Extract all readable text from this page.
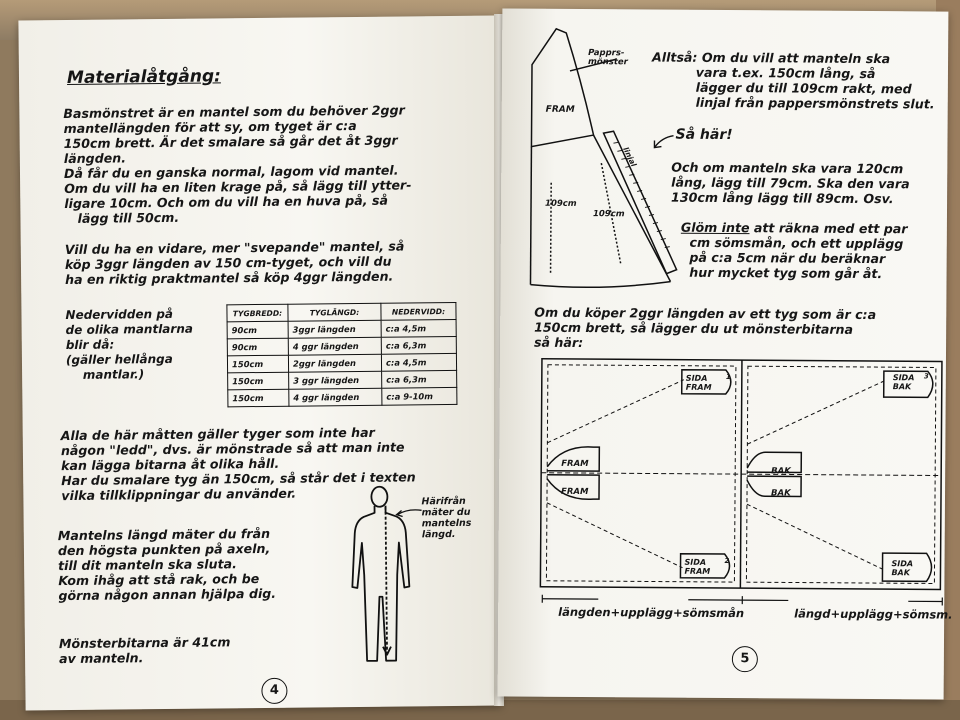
Materialåtgång:
Basmönstret är en mantel som du behöver 2ggr
mantellängden för att sy, om tyget är c:a
150cm brett. Är det smalare så går det åt 3ggr
längden.
Då får du en ganska normal, lagom vid mantel.
Om du vill ha en liten krage på, så lägg till ytter-
ligare 10cm. Och om du vill ha en huva på, så
lägg till 50cm.
Vill du ha en vidare, mer "svepande" mantel, så
köp 3ggr längden av 150 cm-tyget, och vill du
ha en riktig praktmantel så köp 4ggr längden.
Nedervidden på
de olika mantlarna
blir då:
(gäller hellånga
mantlar.)
TYGBREDD:	TYGLÄNGD:	NEDERVIDD:
90cm	3ggr längden	c:a 4,5m
90cm	4 ggr längden	c:a 6,3m
150cm	2ggr längden	c:a 4,5m
150cm	3 ggr längden	c:a 6,3m
150cm	4 ggr längden	c:a 9-10m
Alla de här måtten gäller tyger som inte har
någon "ledd", dvs. är mönstrade så att man inte
kan lägga bitarna åt olika håll.
Har du smalare tyg än 150cm, så står det i texten
vilka tillklippningar du använder.
Mantelns längd mäter du från
den högsta punkten på axeln,
till dit manteln ska sluta.
Kom ihåg att stå rak, och be
görna någon annan hjälpa dig.
Mönsterbitarna är 41cm
av manteln.
Härifrån
mäter du
mantelns
längd.
4
Papprs-
mönster
FRAM
109cm
109cm
linjal
Alltså: Om du vill att manteln ska
vara t.ex. 150cm lång, så
lägger du till 109cm rakt, med
linjal från pappersmönstrets slut.
Så här!
Och om manteln ska vara 120cm
lång, lägg till 79cm. Ska den vara
130cm lång lägg till 89cm. Osv.
Glöm inte att räkna med ett par
cm sömsmån, och ett upplägg
på c:a 5cm när du beräknar
hur mycket tyg som går åt.
Om du köper 2ggr längden av ett tyg som är c:a
150cm brett, så lägger du ut mönsterbitarna
så här:
SIDA
FRAM
SIDA
BAK
SIDA
FRAM
SIDA
BAK
FRAM
FRAM
BAK
BAK
1
2
3
längden+upplägg+sömsmån	längd+upplägg+sömsm.
5
